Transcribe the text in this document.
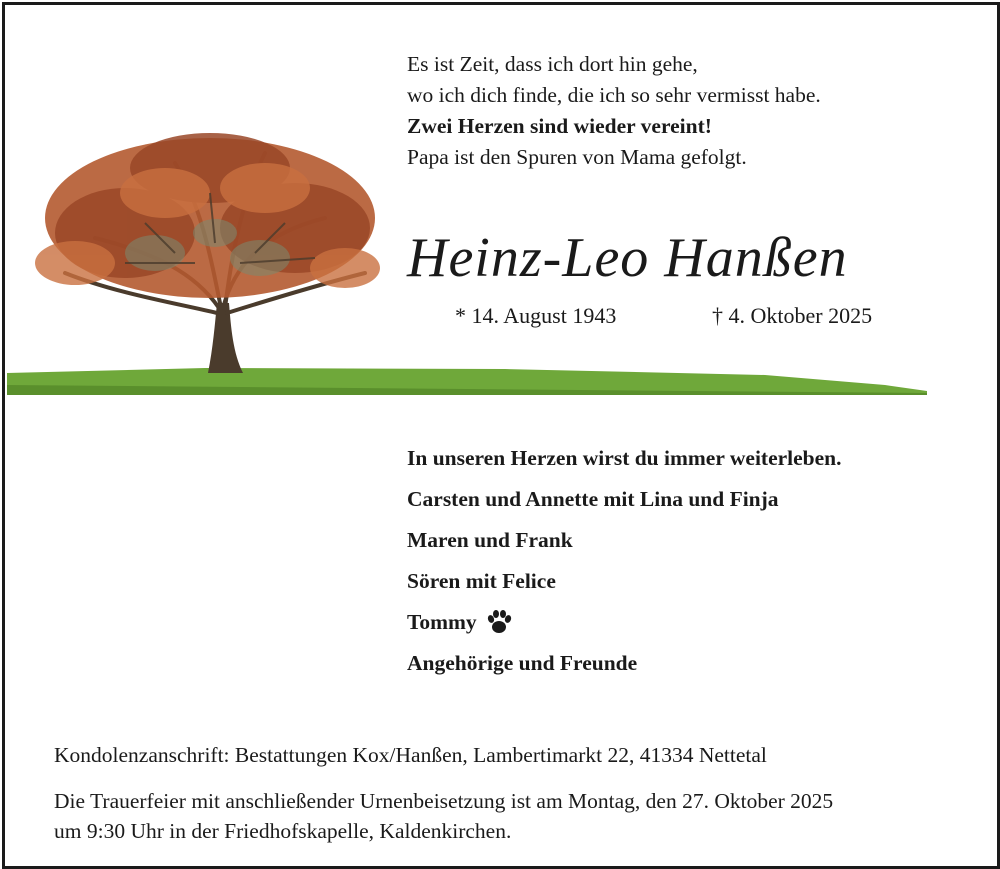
Es ist Zeit, dass ich dort hin gehe,
wo ich dich finde, die ich so sehr vermisst habe.
Zwei Herzen sind wieder vereint!
Papa ist den Spuren von Mama gefolgt.
Heinz-Leo Hanßen
* 14. August 1943	† 4. Oktober 2025
In unseren Herzen wirst du immer weiterleben.
Carsten und Annette mit Lina und Finja
Maren und Frank
Sören mit Felice
Tommy
Angehörige und Freunde
Kondolenzanschrift: Bestattungen Kox/Hanßen, Lambertimarkt 22, 41334 Nettetal
Die Trauerfeier mit anschließender Urnenbeisetzung ist am Montag, den 27. Oktober 2025
um 9:30 Uhr in der Friedhofskapelle, Kaldenkirchen.
